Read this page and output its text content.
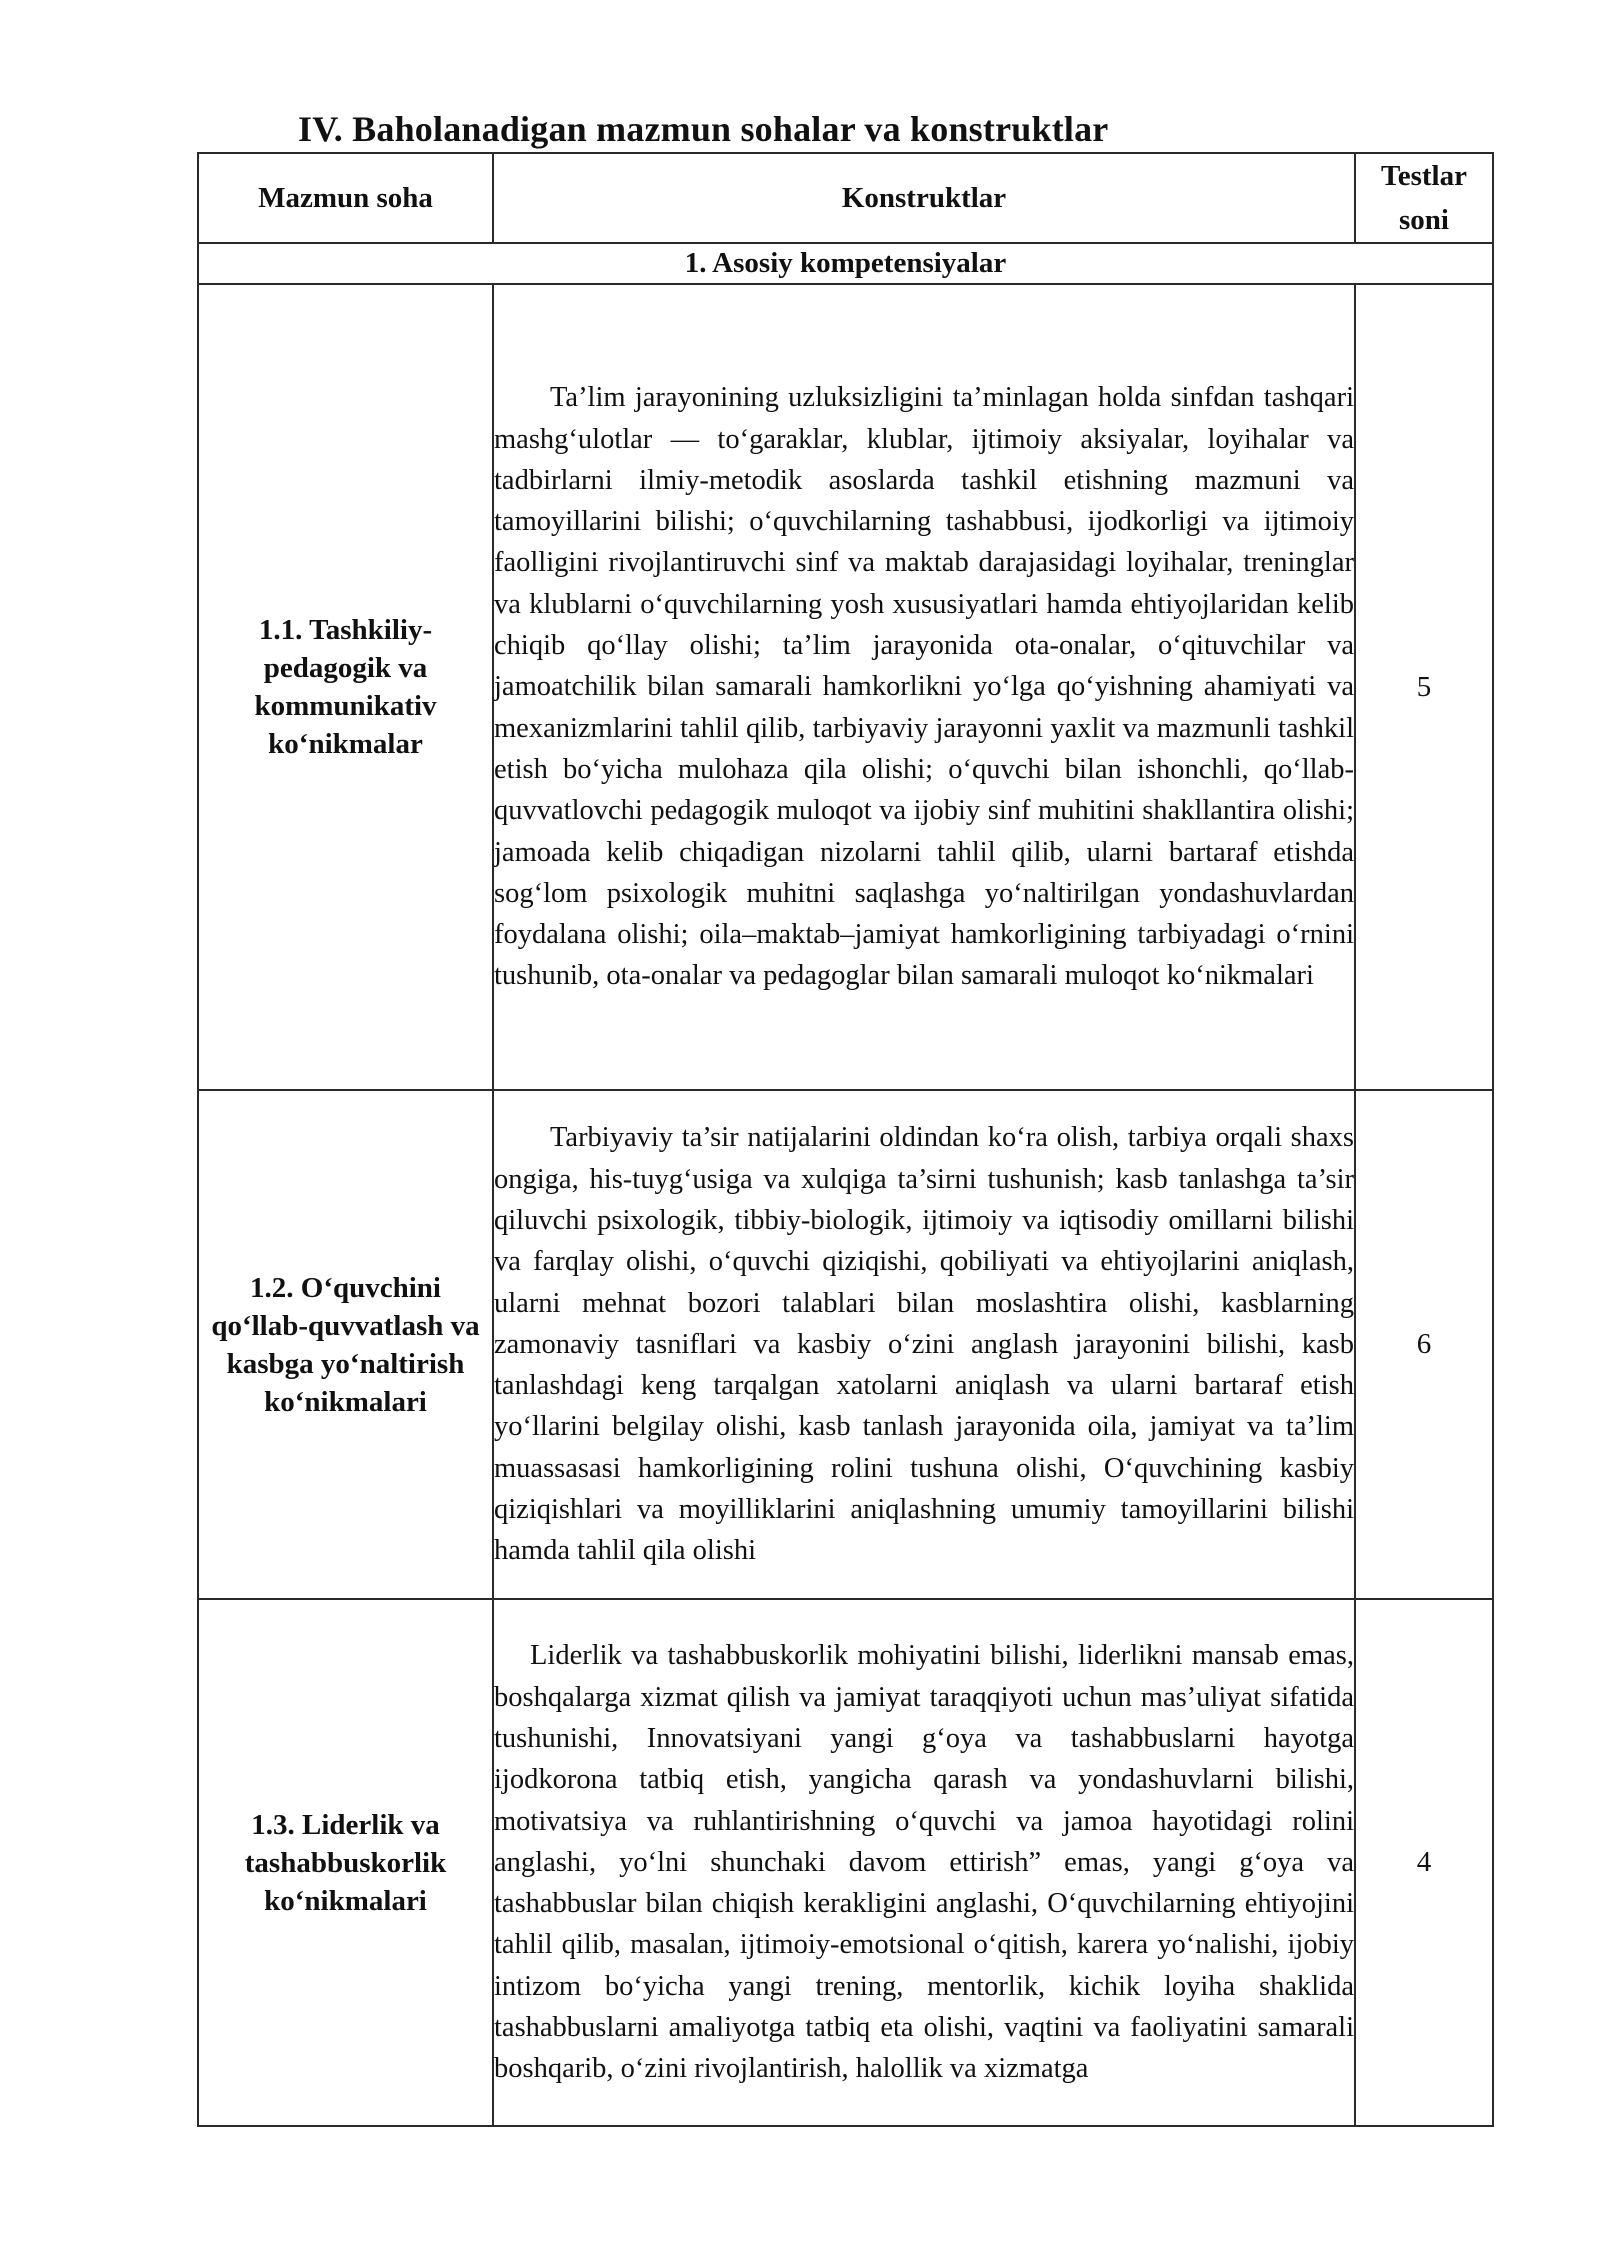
IV. Baholanadigan mazmun sohalar va konstruktlar
Mazmun soha	Konstruktlar	Testlar soni
1. Asosiy kompetensiyalar		
1.1. Tashkiliy-pedagogik va kommunikativ ko‘nikmalar	Ta’lim jarayonining uzluksizligini ta’minlagan holda sinfdan tashqari mashg‘ulotlar — to‘garaklar, klublar, ijtimoiy aksiyalar, loyihalar va tadbirlarni ilmiy-metodik asoslarda tashkil etishning mazmuni va tamoyillarini bilishi; o‘quvchilarning tashabbusi, ijodkorligi va ijtimoiy faolligini rivojlantiruvchi sinf va maktab darajasidagi loyihalar, treninglar va klublarni o‘quvchilarning yosh xususiyatlari hamda ehtiyojlaridan kelib chiqib qo‘llay olishi; ta’lim jarayonida ota-onalar, o‘qituvchilar va jamoatchilik bilan samarali hamkorlikni yo‘lga qo‘yishning ahamiyati va mexanizmlarini tahlil qilib, tarbiyaviy jarayonni yaxlit va mazmunli tashkil etish bo‘yicha mulohaza qila olishi; o‘quvchi bilan ishonchli, qo‘llab-quvvatlovchi pedagogik muloqot va ijobiy sinf muhitini shakllantira olishi; jamoada kelib chiqadigan nizolarni tahlil qilib, ularni bartaraf etishda sog‘lom psixologik muhitni saqlashga yo‘naltirilgan yondashuvlardan foydalana olishi; oila–maktab–jamiyat hamkorligining tarbiyadagi o‘rnini tushunib, ota-onalar va pedagoglar bilan samarali muloqot ko‘nikmalari	5
1.2. O‘quvchini qo‘llab-quvvatlash va kasbga yo‘naltirish ko‘nikmalari	Tarbiyaviy ta’sir natijalarini oldindan ko‘ra olish, tarbiya orqali shaxs ongiga, his-tuyg‘usiga va xulqiga ta’sirni tushunish; kasb tanlashga ta’sir qiluvchi psixologik, tibbiy-biologik, ijtimoiy va iqtisodiy omillarni bilishi va farqlay olishi, o‘quvchi qiziqishi, qobiliyati va ehtiyojlarini aniqlash, ularni mehnat bozori talablari bilan moslashtira olishi, kasblarning zamonaviy tasniflari va kasbiy o‘zini anglash jarayonini bilishi, kasb tanlashdagi keng tarqalgan xatolarni aniqlash va ularni bartaraf etish yo‘llarini belgilay olishi, kasb tanlash jarayonida oila, jamiyat va ta’lim muassasasi hamkorligining rolini tushuna olishi, O‘quvchining kasbiy qiziqishlari va moyilliklarini aniqlashning umumiy tamoyillarini bilishi hamda tahlil qila olishi	6
1.3. Liderlik va tashabbuskorlik ko‘nikmalari	Liderlik va tashabbuskorlik mohiyatini bilishi, liderlikni mansab emas, boshqalarga xizmat qilish va jamiyat taraqqiyoti uchun mas’uliyat sifatida tushunishi, Innovatsiyani yangi g‘oya va tashabbuslarni hayotga ijodkorona tatbiq etish, yangicha qarash va yondashuvlarni bilishi, motivatsiya va ruhlantirishning o‘quvchi va jamoa hayotidagi rolini anglashi, yo‘lni shunchaki davom ettirish” emas, yangi g‘oya va tashabbuslar bilan chiqish kerakligini anglashi, O‘quvchilarning ehtiyojini tahlil qilib, masalan, ijtimoiy-emotsional o‘qitish, karera yo‘nalishi, ijobiy intizom bo‘yicha yangi trening, mentorlik, kichik loyiha shaklida tashabbuslarni amaliyotga tatbiq eta olishi, vaqtini va faoliyatini samarali boshqarib, o‘zini rivojlantirish, halollik va xizmatga	4
